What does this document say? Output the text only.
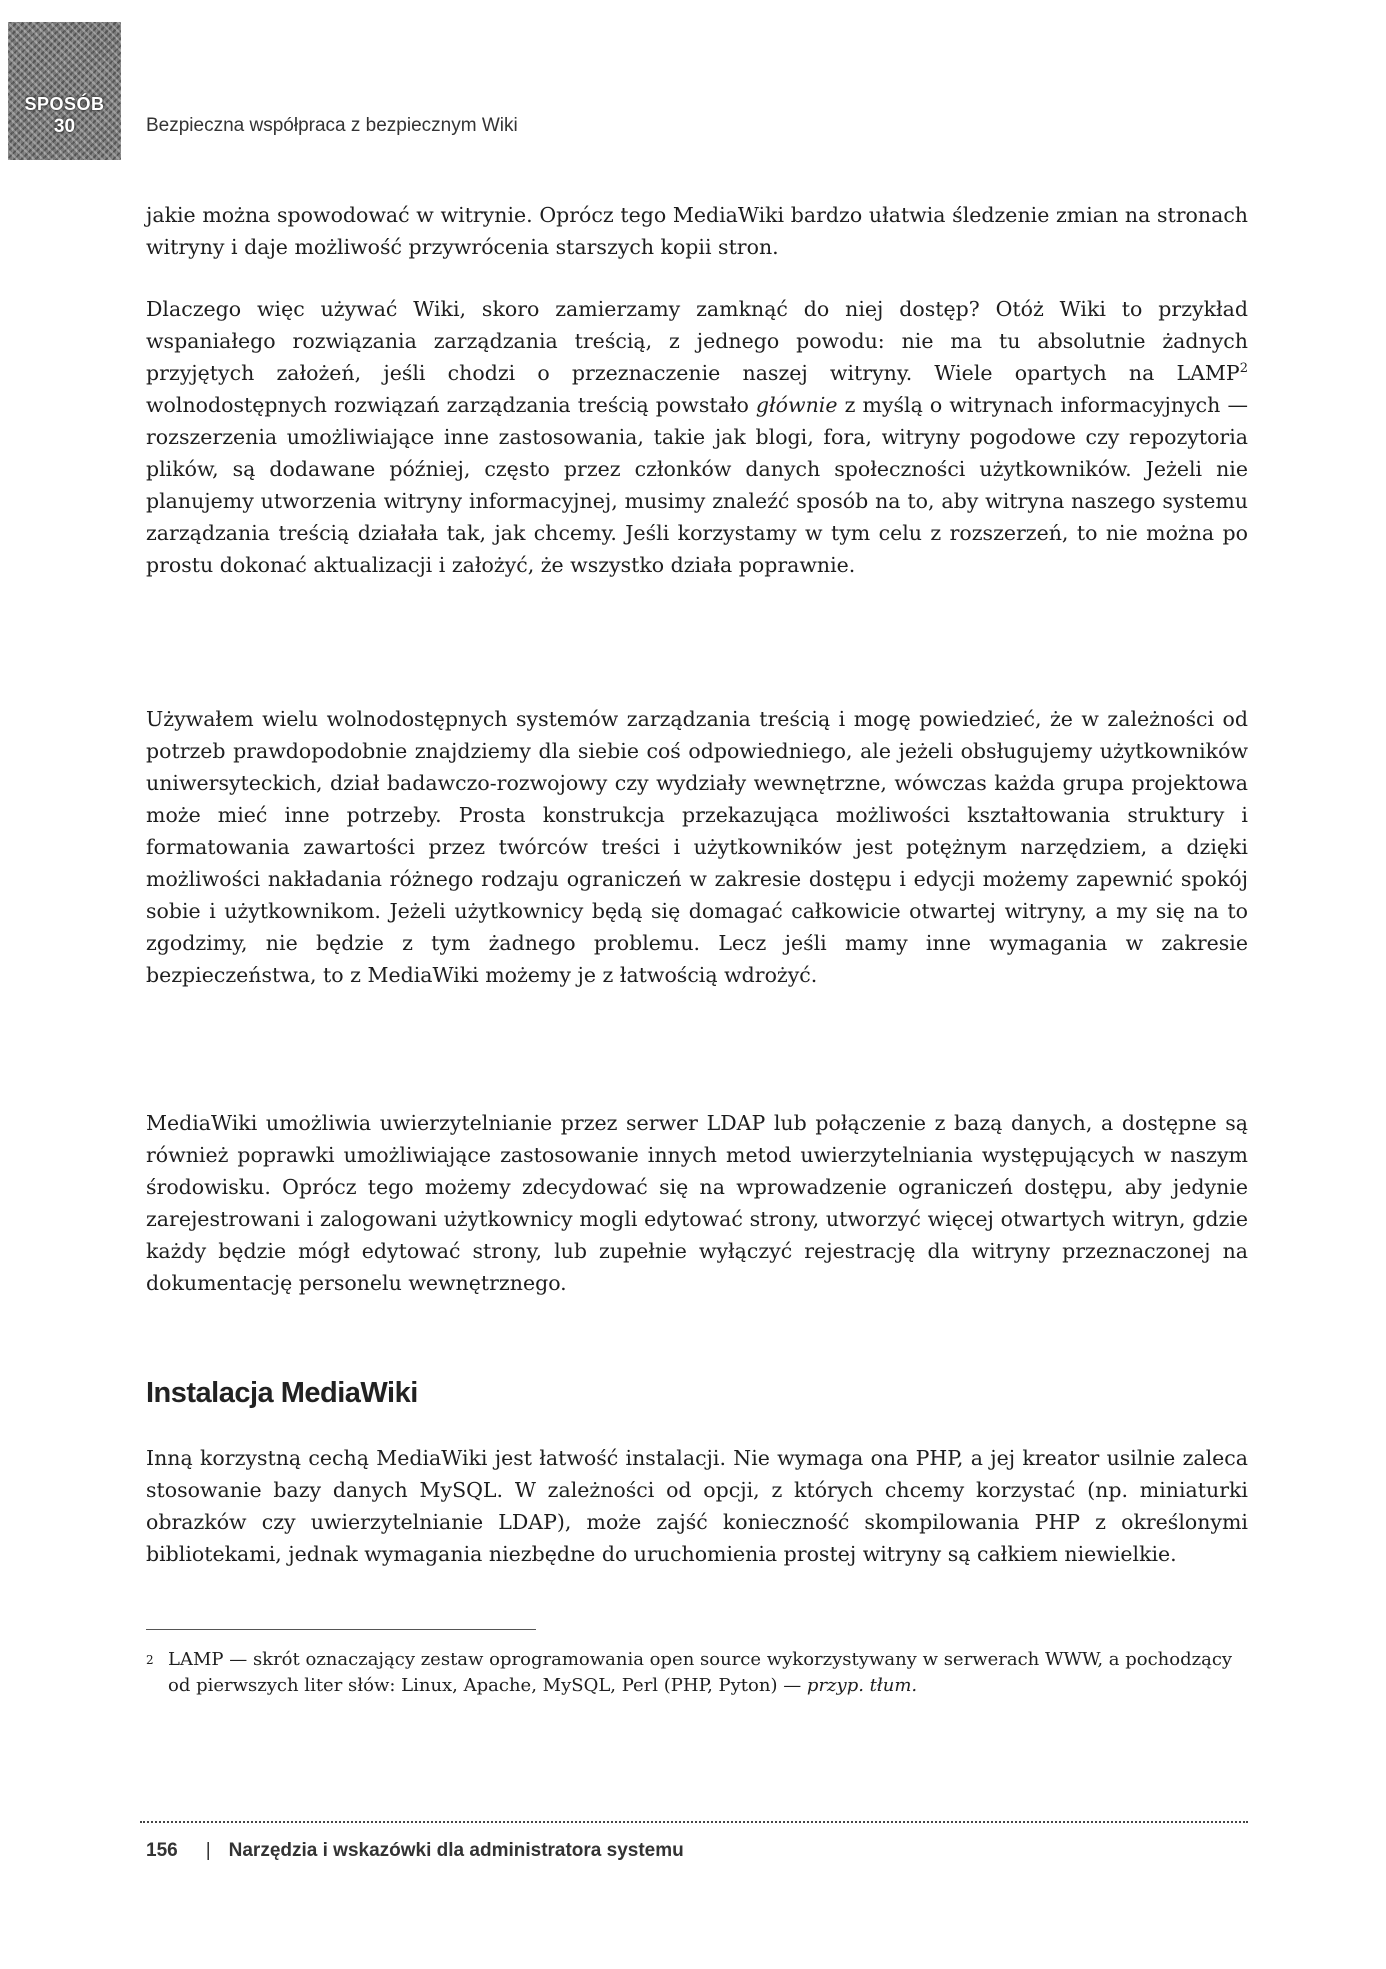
SPOSÓB
30	Bezpieczna współpraca z bezpiecznym Wiki

jakie można spowodować w witrynie. Oprócz tego MediaWiki bardzo ułatwia śledzenie zmian na stronach witryny i daje możliwość przywrócenia starszych kopii stron.

Dlaczego więc używać Wiki, skoro zamierzamy zamknąć do niej dostęp? Otóż Wiki to przykład wspaniałego rozwiązania zarządzania treścią, z jednego powodu: nie ma tu absolutnie żadnych przyjętych założeń, jeśli chodzi o przeznaczenie naszej witryny. Wiele opartych na LAMP$^2$ wolnodostępnych rozwiązań zarządzania treścią powstało głównie z myślą o witrynach informacyjnych — rozszerzenia umożliwiające inne zastosowania, takie jak blogi, fora, witryny pogodowe czy repozytoria plików, są dodawane później, często przez członków danych społeczności użytkowników. Jeżeli nie planujemy utworzenia witryny informacyjnej, musimy znaleźć sposób na to, aby witryna naszego systemu zarządzania treścią działała tak, jak chcemy. Jeśli korzystamy w tym celu z rozszerzeń, to nie można po prostu dokonać aktualizacji i założyć, że wszystko działa poprawnie.

Używałem wielu wolnodostępnych systemów zarządzania treścią i mogę powiedzieć, że w zależności od potrzeb prawdopodobnie znajdziemy dla siebie coś odpowiedniego, ale jeżeli obsługujemy użytkowników uniwersyteckich, dział badawczo-rozwojowy czy wydziały wewnętrzne, wówczas każda grupa projektowa może mieć inne potrzeby. Prosta konstrukcja przekazująca możliwości kształtowania struktury i formatowania zawartości przez twórców treści i użytkowników jest potężnym narzędziem, a dzięki możliwości nakładania różnego rodzaju ograniczeń w zakresie dostępu i edycji możemy zapewnić spokój sobie i użytkownikom. Jeżeli użytkownicy będą się domagać całkowicie otwartej witryny, a my się na to zgodzimy, nie będzie z tym żadnego problemu. Lecz jeśli mamy inne wymagania w zakresie bezpieczeństwa, to z MediaWiki możemy je z łatwością wdrożyć.

MediaWiki umożliwia uwierzytelnianie przez serwer LDAP lub połączenie z bazą danych, a dostępne są również poprawki umożliwiające zastosowanie innych metod uwierzytelniania występujących w naszym środowisku. Oprócz tego możemy zdecydować się na wprowadzenie ograniczeń dostępu, aby jedynie zarejestrowani i zalogowani użytkownicy mogli edytować strony, utworzyć więcej otwartych witryn, gdzie każdy będzie mógł edytować strony, lub zupełnie wyłączyć rejestrację dla witryny przeznaczonej na dokumentację personelu wewnętrznego.

Instalacja MediaWiki

Inną korzystną cechą MediaWiki jest łatwość instalacji. Nie wymaga ona PHP, a jej kreator usilnie zaleca stosowanie bazy danych MySQL. W zależności od opcji, z których chcemy korzystać (np. miniaturki obrazków czy uwierzytelnianie LDAP), może zajść konieczność skompilowania PHP z określonymi bibliotekami, jednak wymagania niezbędne do uruchomienia prostej witryny są całkiem niewielkie.

$^2$ LAMP — skrót oznaczający zestaw oprogramowania open source wykorzystywany w serwerach WWW, a pochodzący od pierwszych liter słów: Linux, Apache, MySQL, Perl (PHP, Pyton) — przyp. tłum.

156 | Narzędzia i wskazówki dla administratora systemu
